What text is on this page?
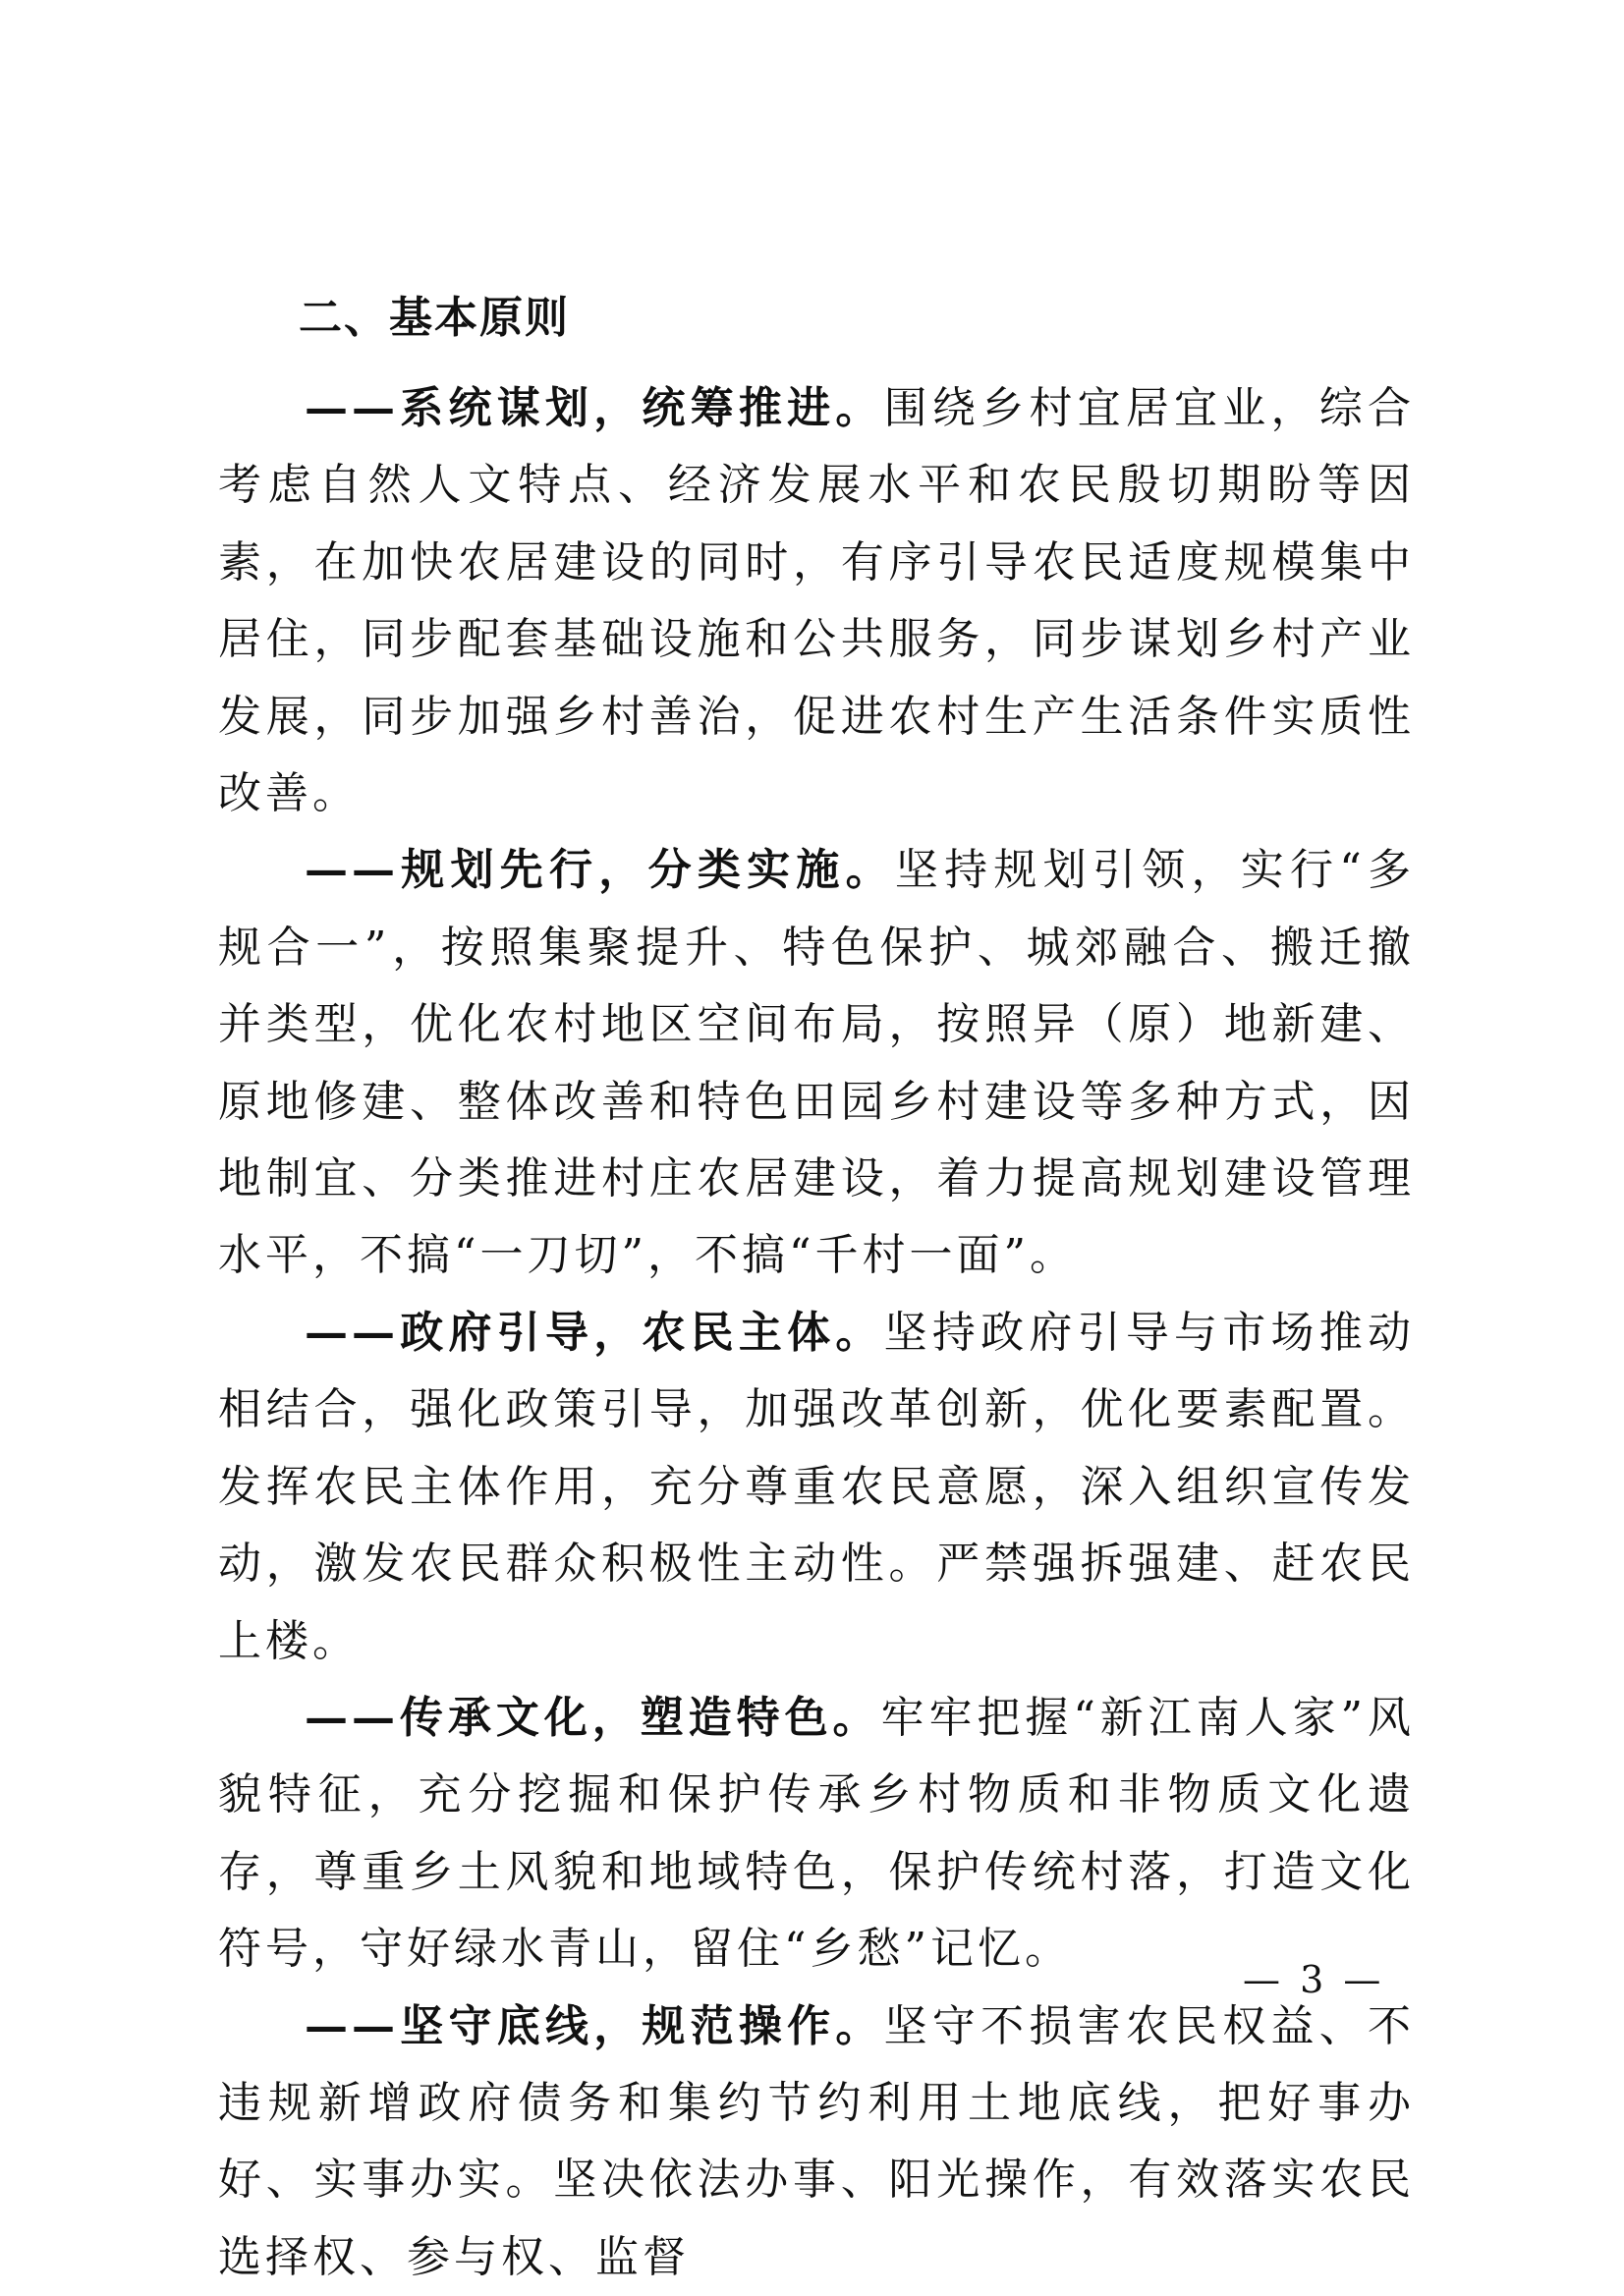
二、基本原则

——系统谋划，统筹推进。围绕乡村宜居宜业，综合考虑自然人文特点、经济发展水平和农民殷切期盼等因素，在加快农居建设的同时，有序引导农民适度规模集中居住，同步配套基础设施和公共服务，同步谋划乡村产业发展，同步加强乡村善治，促进农村生产生活条件实质性改善。

——规划先行，分类实施。坚持规划引领，实行“多规合一”，按照集聚提升、特色保护、城郊融合、搬迁撤并类型，优化农村地区空间布局，按照异（原）地新建、原地修建、整体改善和特色田园乡村建设等多种方式，因地制宜、分类推进村庄农居建设，着力提高规划建设管理水平，不搞“一刀切”，不搞“千村一面”。

——政府引导，农民主体。坚持政府引导与市场推动相结合，强化政策引导，加强改革创新，优化要素配置。发挥农民主体作用，充分尊重农民意愿，深入组织宣传发动，激发农民群众积极性主动性。严禁强拆强建、赶农民上楼。

——传承文化，塑造特色。牢牢把握“新江南人家”风貌特征，充分挖掘和保护传承乡村物质和非物质文化遗存，尊重乡土风貌和地域特色，保护传统村落，打造文化符号，守好绿水青山，留住“乡愁”记忆。

——坚守底线，规范操作。坚守不损害农民权益、不违规新增政府债务和集约节约利用土地底线，把好事办好、实事办实。坚决依法办事、阳光操作，有效落实农民选择权、参与权、监督

— 3 —
